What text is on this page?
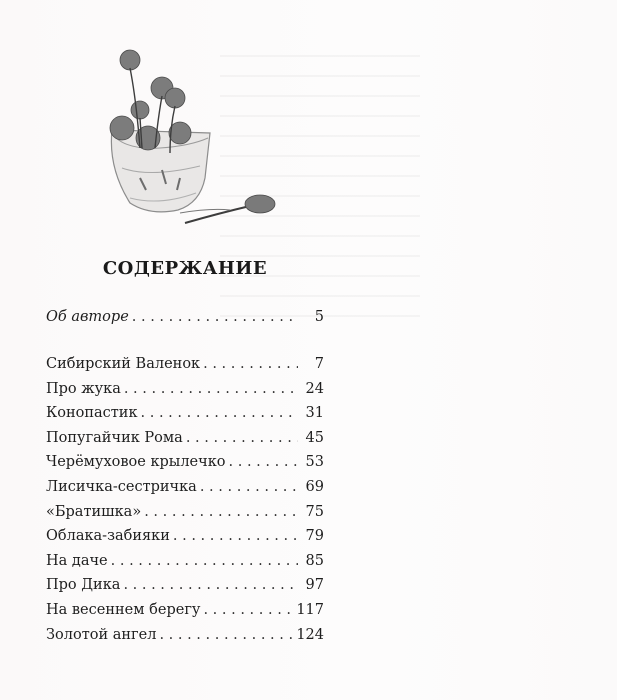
СОДЕРЖАНИЕ
Об авторе . . .	5
Сибирский Валенок . . .	7
Про жука . . .	24
Конопастик . . .	31
Попугайчик Рома . . .	45
Черёмуховое крылечко . . .	53
Лисичка-сестричка . . .	69
«Братишка» . . .	75
Облака-забияки . . .	79
На даче . . .	85
Про Дика . . .	97
На весеннем берегу . . .	117
Золотой ангел . . .	124
